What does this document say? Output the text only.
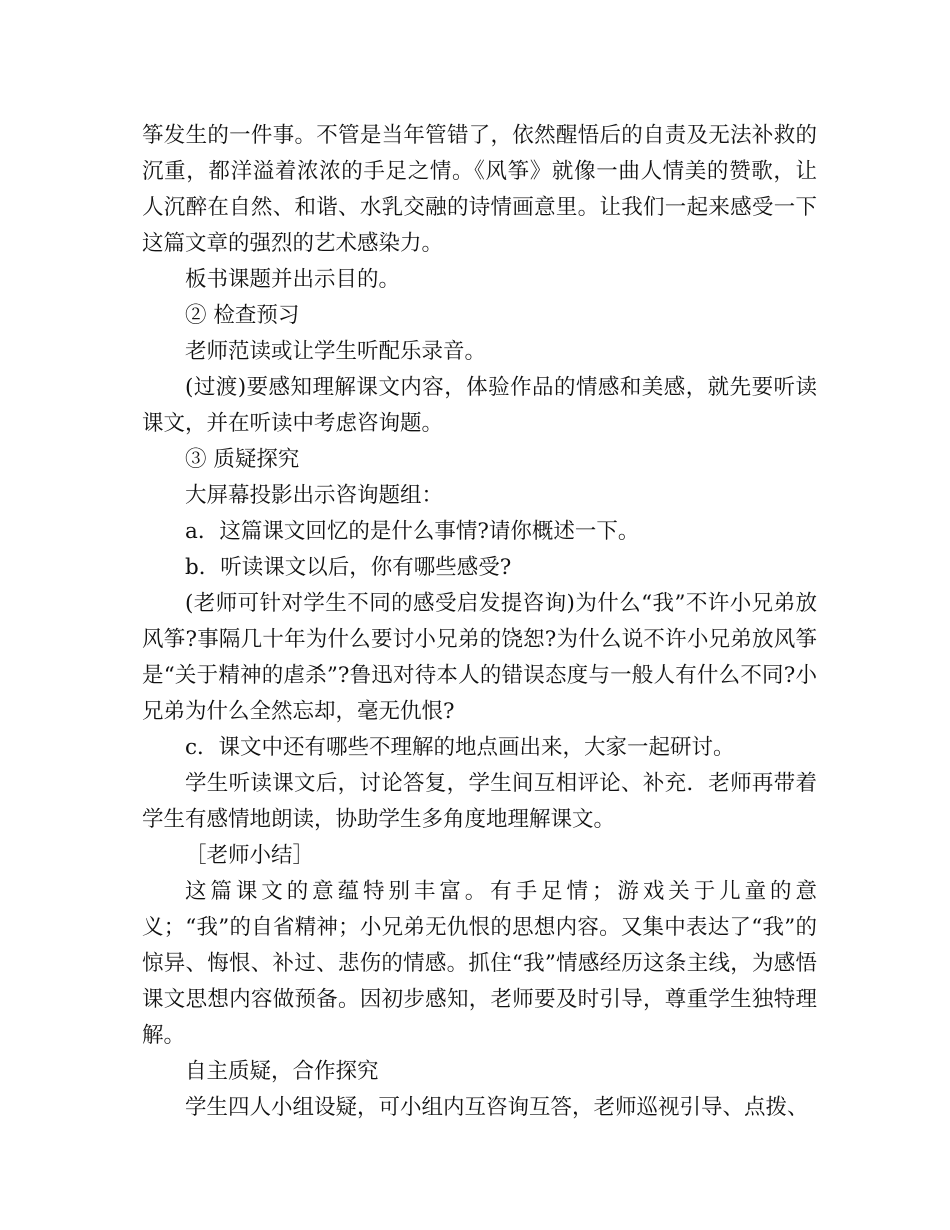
筝发生的一件事。不管是当年管错了，依然醒悟后的自责及无法补救的沉重，都洋溢着浓浓的手足之情。《风筝》就像一曲人情美的赞歌，让人沉醉在自然、和谐、水乳交融的诗情画意里。让我们一起来感受一下这篇文章的强烈的艺术感染力。

板书课题并出示目的。

② 检查预习

老师范读或让学生听配乐录音。

(过渡)要感知理解课文内容，体验作品的情感和美感，就先要听读课文，并在听读中考虑咨询题。

③ 质疑探究

大屏幕投影出示咨询题组：

a．这篇课文回忆的是什么事情?请你概述一下。

b．听读课文以后，你有哪些感受?

(老师可针对学生不同的感受启发提咨询)为什么“我”不许小兄弟放风筝?事隔几十年为什么要讨小兄弟的饶恕?为什么说不许小兄弟放风筝是“关于精神的虐杀”?鲁迅对待本人的错误态度与一般人有什么不同?小兄弟为什么全然忘却，毫无仇恨?

c．课文中还有哪些不理解的地点画出来，大家一起研讨。

学生听读课文后，讨论答复，学生间互相评论、补充．老师再带着学生有感情地朗读，协助学生多角度地理解课文。

［老师小结］

这篇课文的意蕴特别丰富。有手足情；游戏关于儿童的意义；“我”的自省精神；小兄弟无仇恨的思想内容。又集中表达了“我”的惊异、悔恨、补过、悲伤的情感。抓住“我”情感经历这条主线，为感悟课文思想内容做预备。因初步感知，老师要及时引导，尊重学生独特理解。

自主质疑，合作探究

学生四人小组设疑，可小组内互咨询互答，老师巡视引导、点拨、
